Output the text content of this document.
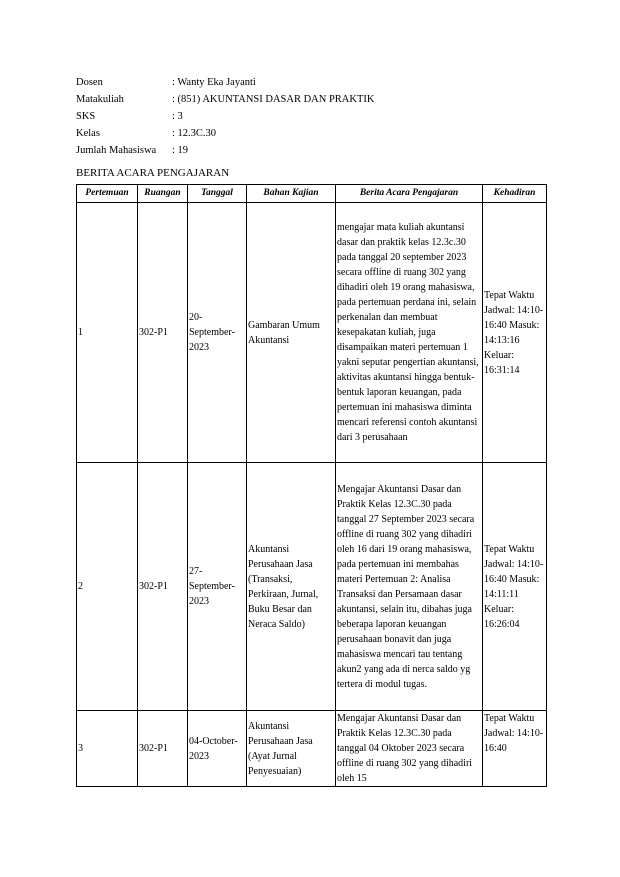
Dosen	: Wanty Eka Jayanti
Matakuliah	: (851) AKUNTANSI DASAR DAN PRAKTIK
SKS	: 3
Kelas	: 12.3C.30
Jumlah Mahasiswa	: 19
BERITA ACARA PENGAJARAN
Pertemuan	Ruangan	Tanggal	Bahan Kajian	Berita Acara Pengajaran	Kehadiran
1	302-P1	20-September-2023	Gambaran Umum Akuntansi	mengajar mata kuliah akuntansi dasar dan praktik kelas 12.3c.30 pada tanggal 20 september 2023 secara offline di ruang 302 yang dihadiri oleh 19 orang mahasiswa, pada pertemuan perdana ini, selain perkenalan dan membuat kesepakatan kuliah, juga disampaikan materi pertemuan 1 yakni seputar pengertian akuntansi, aktivitas akuntansi hingga bentuk-bentuk laporan keuangan, pada pertemuan ini mahasiswa diminta mencari referensi contoh akuntansi dari 3 perusahaan	Tepat Waktu Jadwal: 14:10-16:40 Masuk: 14:13:16 Keluar: 16:31:14
2	302-P1	27-September-2023	Akuntansi Perusahaan Jasa (Transaksi, Perkiraan, Jurnal, Buku Besar dan Neraca Saldo)	Mengajar Akuntansi Dasar dan Praktik Kelas 12.3C.30 pada tanggal 27 September 2023 secara offline di ruang 302 yang dihadiri oleh 16 dari 19 orang mahasiswa, pada pertemuan ini membahas materi Pertemuan 2: Analisa Transaksi dan Persamaan dasar akuntansi, selain itu, dibahas juga beberapa laporan keuangan perusahaan bonavit dan juga mahasiswa mencari tau tentang akun2 yang ada di nerca saldo yg tertera di modul tugas.	Tepat Waktu Jadwal: 14:10-16:40 Masuk: 14:11:11 Keluar: 16:26:04
3	302-P1	04-October-2023	Akuntansi Perusahaan Jasa (Ayat Jurnal Penyesuaian)	Mengajar Akuntansi Dasar dan Praktik Kelas 12.3C.30 pada tanggal 04 Oktober 2023 secara offline di ruang 302 yang dihadiri oleh 15	Tepat Waktu Jadwal: 14:10-16:40
